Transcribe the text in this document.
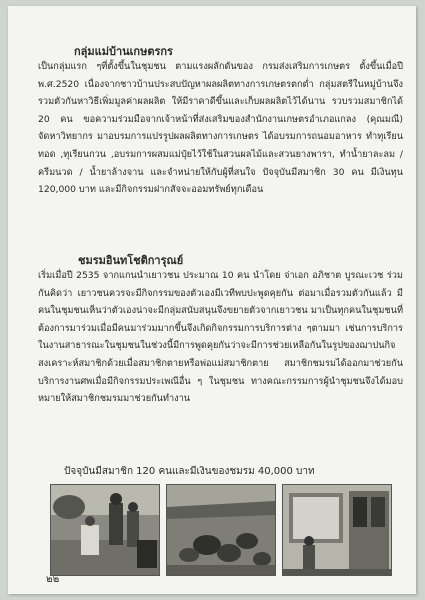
กลุ่มแม่บ้านเกษตรกร

เป็นกลุ่มแรก ๆที่ตั้งขึ้นในชุมชน ตามแรงผลักดันของ กรมส่งเสริมการเกษตร ตั้งขึ้นเมื่อปี พ.ศ.2520 เนื่องจากชาวบ้านประสบปัญหาผลผลิตทางการเกษตรตกต่ำ กลุ่มสตรีในหมู่บ้านจึงรวมตัวกันหาวิธีเพิ่มมูลค่าผลผลิต ให้มีราคาดีขึ้นและเก็บผลผลิตไว้ได้นาน รวบรวมสมาชิกได้ 20 คน ขอความร่วมมือจากเจ้าหน้าที่ส่งเสริมของสำนักงานเกษตรอำเภอแกลง (คุณมณี) จัดหาวิทยากร มาอบรมการแปรรูปผลผลิตทางการเกษตร ได้อบรมการถนอมอาหาร ทำทุเรียนทอด ,ทุเรียนกวน ,อบรมการผสมแม่ปุ๋ยไว้ใช้ในสวนผลไม้และสวนยางพารา, ทำน้ำยาละลม / ครีมนวด / น้ำยาล้างจาน และจำหน่ายให้กับผู้ที่สนใจ ปัจจุบันมีสมาชิก 30 คน มีเงินทุน 120,000 บาท และมีกิจกรรมฝากสัจจะออมทรัพย์ทุกเดือน

ชมรมอินทโชติการุณย์

เริ่มเมื่อปี 2535 จากแกนนำเยาวชน ประมาณ 10 คน นำโดย จ่าเอก อภิชาต บูรณะเวช ร่วมกันคิดว่า เยาวชนควรจะมีกิจกรรมของตัวเองมีเวทีพบปะพูดคุยกัน ต่อมาเมื่อรวมตัวกันแล้ว มีคนในชุมชนเห็นว่าตัวเองน่าจะมีกลุ่มสนับสนุนจึงขยายตัวจากเยาวชน มาเป็นทุกคนในชุมชนที่ต้องการมาร่วมเมื่อมีคนมาร่วมมากขึ้นจึงเกิดกิจกรรมการบริการต่าง ๆตามมา เช่นการบริการในงานสาธารณะในชุมชนในช่วงนี้มีการพูดคุยกันว่าจะมีการช่วยเหลือกันในรูปของฌาปนกิจสงเคราะห์สมาชิกด้วยเมื่อสมาชิกตายหรือพ่อแม่สมาชิกตาย สมาชิกชมรมได้ออกมาช่วยกันบริการงานศพเมื่อมีกิจกรรมประเพณีอื่น ๆ ในชุมชน ทางคณะกรรมการผู้นำชุมชนจึงได้มอบหมายให้สมาชิกชมรมมาช่วยกันทำงาน

ปัจจุบันมีสมาชิก 120 คนและมีเงินของชมรม 40,000 บาท
๒๒
